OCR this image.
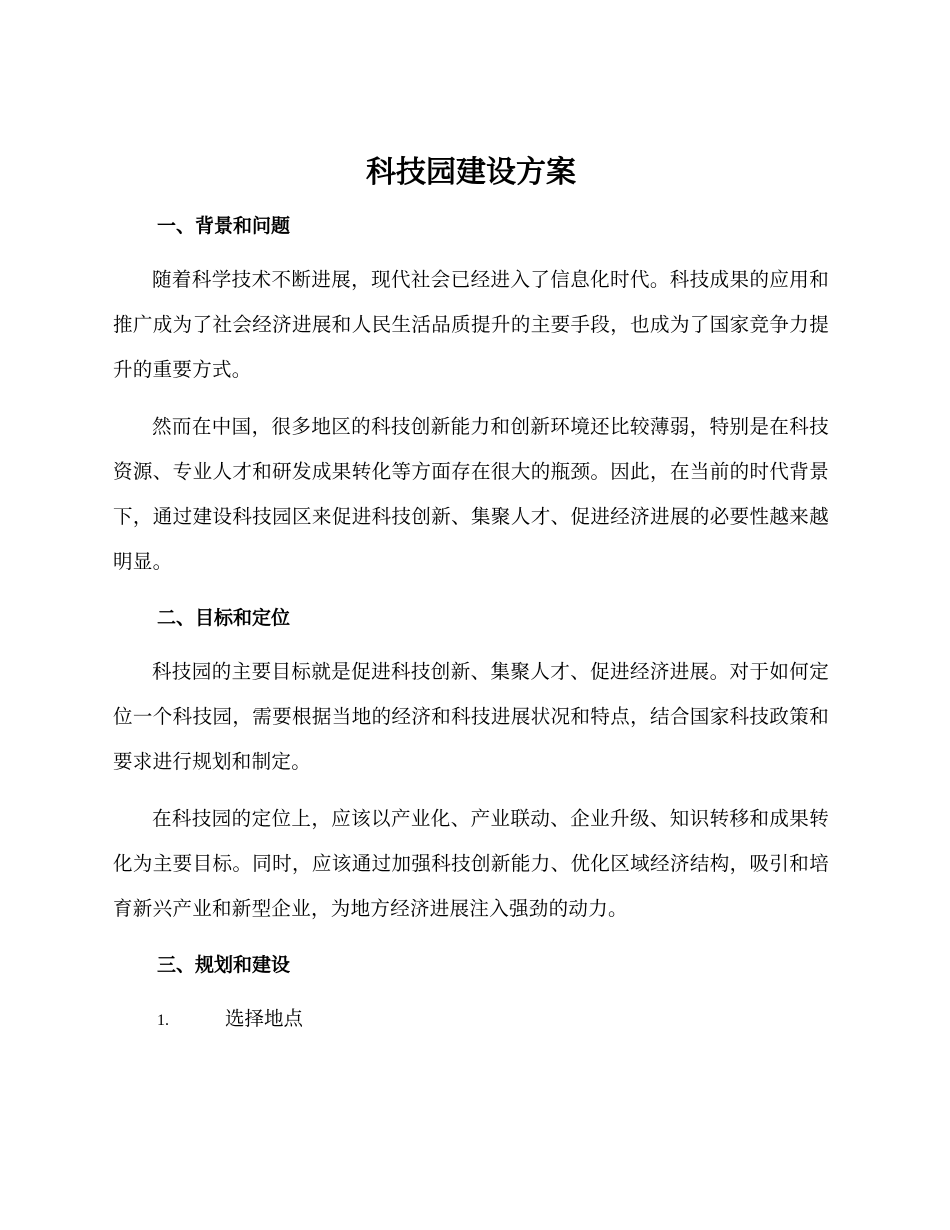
科技园建设方案
一、背景和问题

随着科学技术不断进展，现代社会已经进入了信息化时代。科技成果的应用和推广成为了社会经济进展和人民生活品质提升的主要手段，也成为了国家竞争力提升的重要方式。

然而在中国，很多地区的科技创新能力和创新环境还比较薄弱，特别是在科技资源、专业人才和研发成果转化等方面存在很大的瓶颈。因此，在当前的时代背景下，通过建设科技园区来促进科技创新、集聚人才、促进经济进展的必要性越来越明显。

二、目标和定位

科技园的主要目标就是促进科技创新、集聚人才、促进经济进展。对于如何定位一个科技园，需要根据当地的经济和科技进展状况和特点，结合国家科技政策和要求进行规划和制定。

在科技园的定位上，应该以产业化、产业联动、企业升级、知识转移和成果转化为主要目标。同时，应该通过加强科技创新能力、优化区域经济结构，吸引和培育新兴产业和新型企业，为地方经济进展注入强劲的动力。

三、规划和建设
1.	选择地点
